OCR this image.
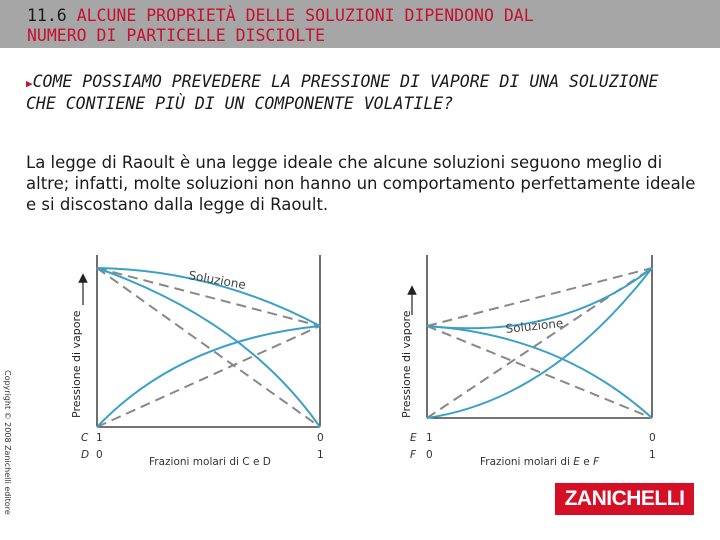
11.6 ALCUNE PROPRIETÀ DELLE SOLUZIONI DIPENDONO DAL
NUMERO DI PARTICELLE DISCIOLTE
▶COME POSSIAMO PREVEDERE LA PRESSIONE DI VAPORE DI UNA SOLUZIONE CHE CONTIENE PIÙ DI UN COMPONENTE VOLATILE?
La legge di Raoult è una legge ideale che alcune soluzioni seguono meglio di altre; infatti, molte soluzioni non hanno un comportamento perfettamente ideale e si discostano dalla legge di Raoult.
Copyright © 2008 Zanichelli editore
Soluzione
Pressione di vapore
C 1	0
D 0	1
Frazioni molari di C e D
Soluzione
Pressione di vapore
E 1	0
F 0	1
Frazioni molari di E e F
ZANICHELLI
